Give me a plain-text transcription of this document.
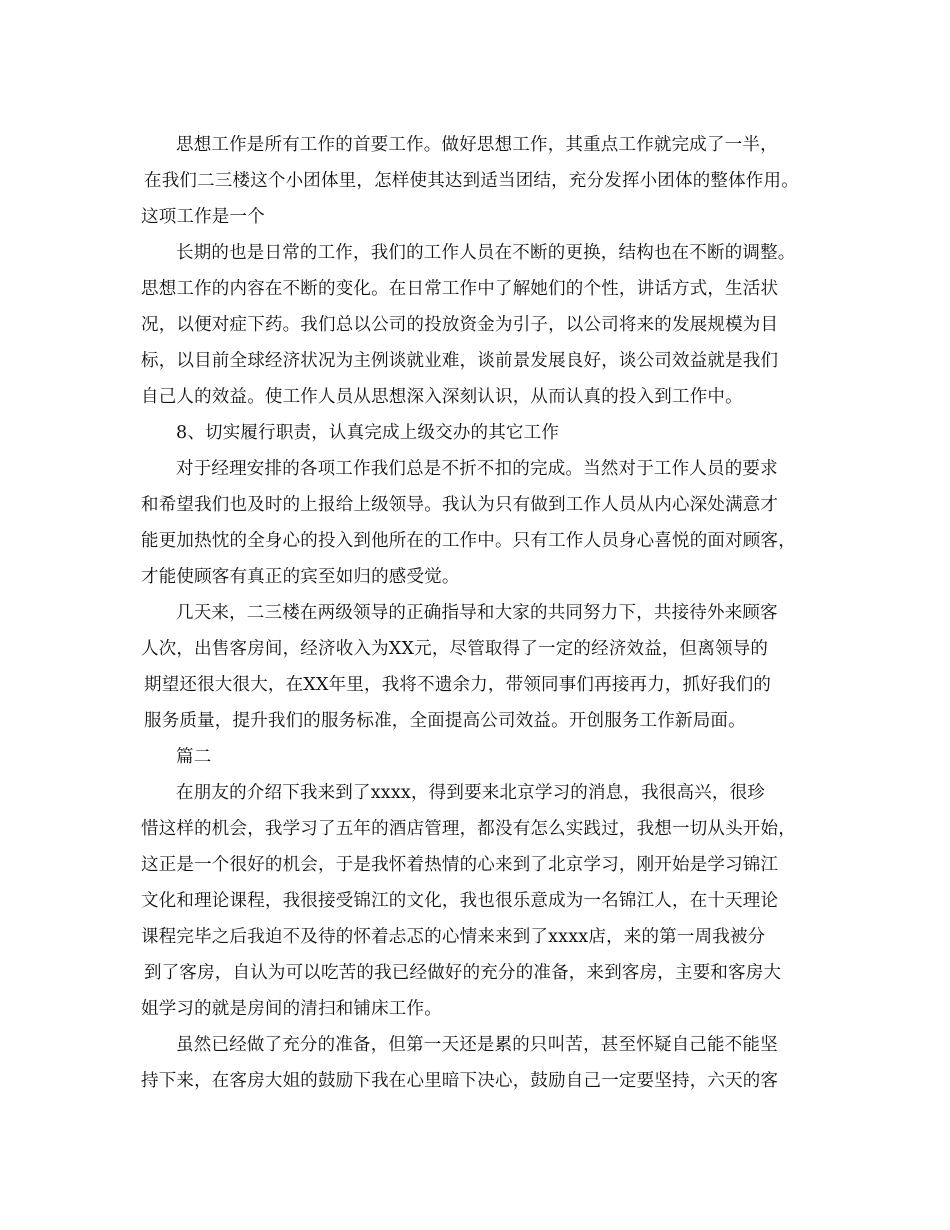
思想工作是所有工作的首要工作。做好思想工作，其重点工作就完成了一半，
在我们二三楼这个小团体里，怎样使其达到适当团结，充分发挥小团体的整体作用。
这项工作是一个
长期的也是日常的工作，我们的工作人员在不断的更换，结构也在不断的调整。
思想工作的内容在不断的变化。在日常工作中了解她们的个性，讲话方式，生活状
况，以便对症下药。我们总以公司的投放资金为引子，以公司将来的发展规模为目
标，以目前全球经济状况为主例谈就业难，谈前景发展良好，谈公司效益就是我们
自己人的效益。使工作人员从思想深入深刻认识，从而认真的投入到工作中。
8、切实履行职责，认真完成上级交办的其它工作
对于经理安排的各项工作我们总是不折不扣的完成。当然对于工作人员的要求
和希望我们也及时的上报给上级领导。我认为只有做到工作人员从内心深处满意才
能更加热忱的全身心的投入到他所在的工作中。只有工作人员身心喜悦的面对顾客，
才能使顾客有真正的宾至如归的感受觉。
几天来，二三楼在两级领导的正确指导和大家的共同努力下，共接待外来顾客
人次，出售客房间，经济收入为XX元，尽管取得了一定的经济效益，但离领导的
期望还很大很大，在XX年里，我将不遗余力，带领同事们再接再力，抓好我们的
服务质量，提升我们的服务标准，全面提高公司效益。开创服务工作新局面。
篇二
在朋友的介绍下我来到了xxxx，得到要来北京学习的消息，我很高兴，很珍
惜这样的机会，我学习了五年的酒店管理，都没有怎么实践过，我想一切从头开始，
这正是一个很好的机会，于是我怀着热情的心来到了北京学习，刚开始是学习锦江
文化和理论课程，我很接受锦江的文化，我也很乐意成为一名锦江人，在十天理论
课程完毕之后我迫不及待的怀着忐忑的心情来来到了xxxx店，来的第一周我被分
到了客房，自认为可以吃苦的我已经做好的充分的准备，来到客房，主要和客房大
姐学习的就是房间的清扫和铺床工作。
虽然已经做了充分的准备，但第一天还是累的只叫苦，甚至怀疑自己能不能坚
持下来，在客房大姐的鼓励下我在心里暗下决心，鼓励自己一定要坚持，六天的客
